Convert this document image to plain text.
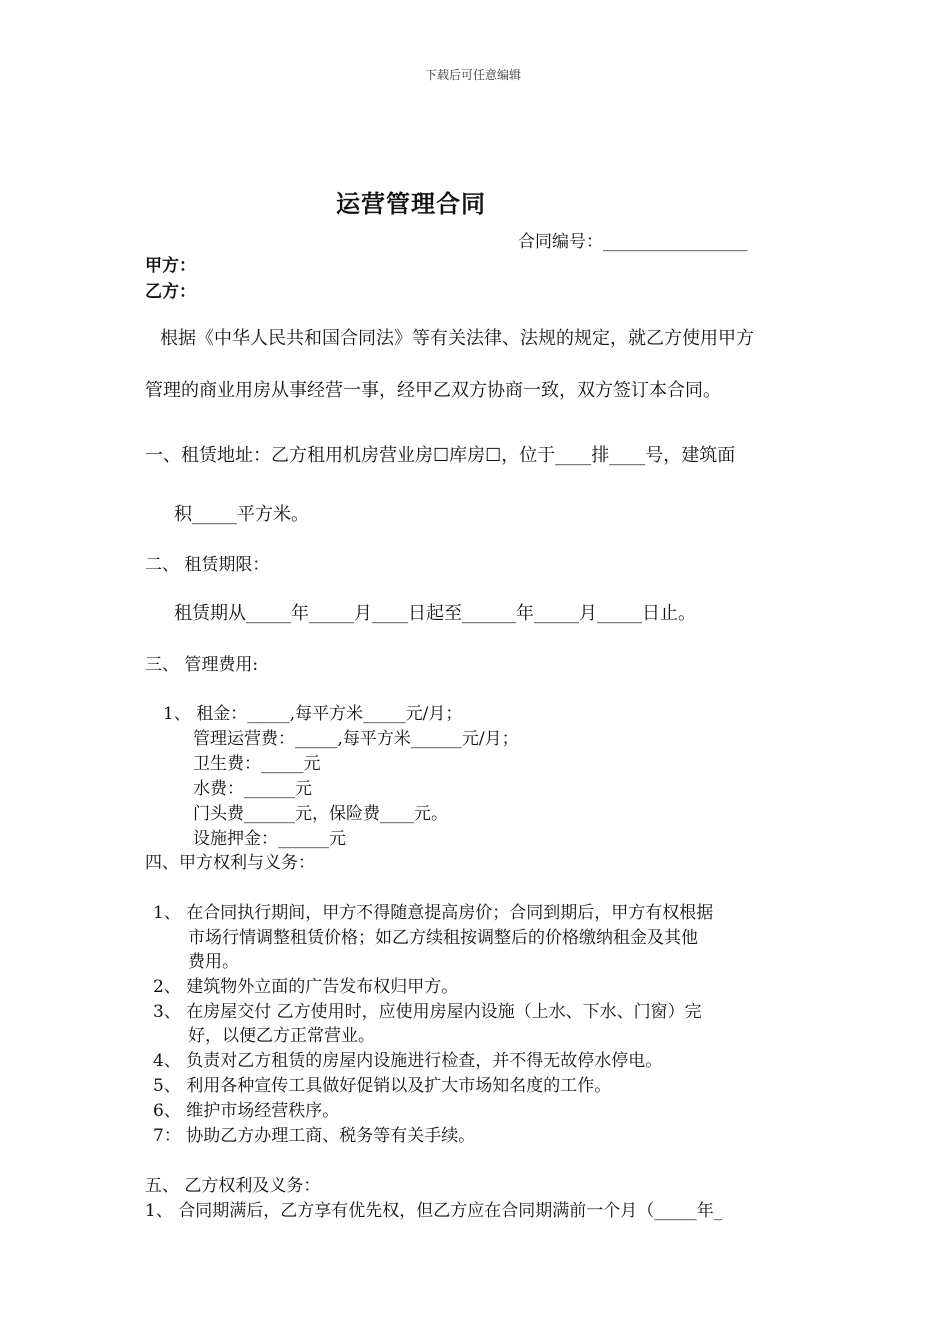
下载后可任意编辑
运营管理合同
合同编号：_________________
甲方：
乙方：
根据《中华人民共和国合同法》等有关法律、法规的规定，就乙方使用甲方
管理的商业用房从事经营一事，经甲乙双方协商一致，双方签订本合同。
一、租赁地址：乙方租用机房营业房☐库房☐，位于____排____号，建筑面
积_____平方米。
二、 租赁期限：
租赁期从_____年_____月____日起至______年_____月_____日止。
三、 管理费用:
1、 租金：_____,每平方米_____元/月；
管理运营费：_____,每平方米______元/月；
卫生费：_____元
水费：______元
门头费______元，保险费____元。
设施押金：______元
四、甲方权利与义务：
1、 在合同执行期间，甲方不得随意提高房价；合同到期后，甲方有权根据
市场行情调整租赁价格；如乙方续租按调整后的价格缴纳租金及其他
费用。
2、 建筑物外立面的广告发布权归甲方。
3、 在房屋交付 乙方使用时，应使用房屋内设施（上水、下水、门窗）完
好，以便乙方正常营业。
4、 负责对乙方租赁的房屋内设施进行检查，并不得无故停水停电。
5、 利用各种宣传工具做好促销以及扩大市场知名度的工作。
6、 维护市场经营秩序。
7： 协助乙方办理工商、税务等有关手续。
五、 乙方权利及义务：
1、 合同期满后，乙方享有优先权，但乙方应在合同期满前一个月（_____年_
